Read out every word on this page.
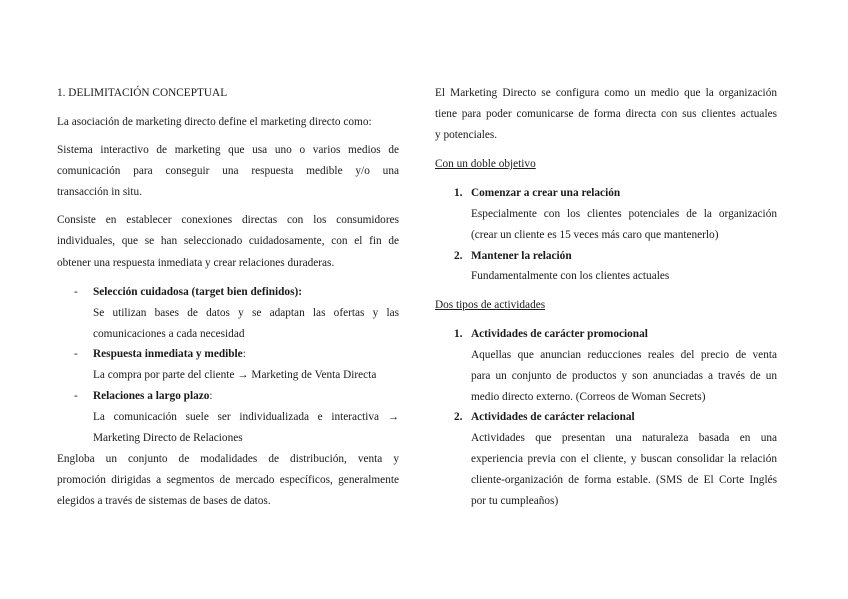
1. DELIMITACIÓN CONCEPTUAL
La asociación de marketing directo define el marketing directo como:
Sistema interactivo de marketing que usa uno o varios medios de
comunicación para conseguir una respuesta medible y/o una
transacción in situ.
Consiste en establecer conexiones directas con los consumidores
individuales, que se han seleccionado cuidadosamente, con el fin de
obtener una respuesta inmediata y crear relaciones duraderas.
- Selección cuidadosa (target bien definidos):
Se utilizan bases de datos y se adaptan las ofertas y las
comunicaciones a cada necesidad
- Respuesta inmediata y medible:
La compra por parte del cliente → Marketing de Venta Directa
- Relaciones a largo plazo:
La comunicación suele ser individualizada e interactiva →
Marketing Directo de Relaciones
Engloba un conjunto de modalidades de distribución, venta y
promoción dirigidas a segmentos de mercado específicos, generalmente
elegidos a través de sistemas de bases de datos.
El Marketing Directo se configura como un medio que la organización
tiene para poder comunicarse de forma directa con sus clientes actuales
y potenciales.
Con un doble objetivo
1. Comenzar a crear una relación
Especialmente con los clientes potenciales de la organización
(crear un cliente es 15 veces más caro que mantenerlo)
2. Mantener la relación
Fundamentalmente con los clientes actuales
Dos tipos de actividades
1. Actividades de carácter promocional
Aquellas que anuncian reducciones reales del precio de venta
para un conjunto de productos y son anunciadas a través de un
medio directo externo. (Correos de Woman Secrets)
2. Actividades de carácter relacional
Actividades que presentan una naturaleza basada en una
experiencia previa con el cliente, y buscan consolidar la relación
cliente-organización de forma estable. (SMS de El Corte Inglés
por tu cumpleaños)
